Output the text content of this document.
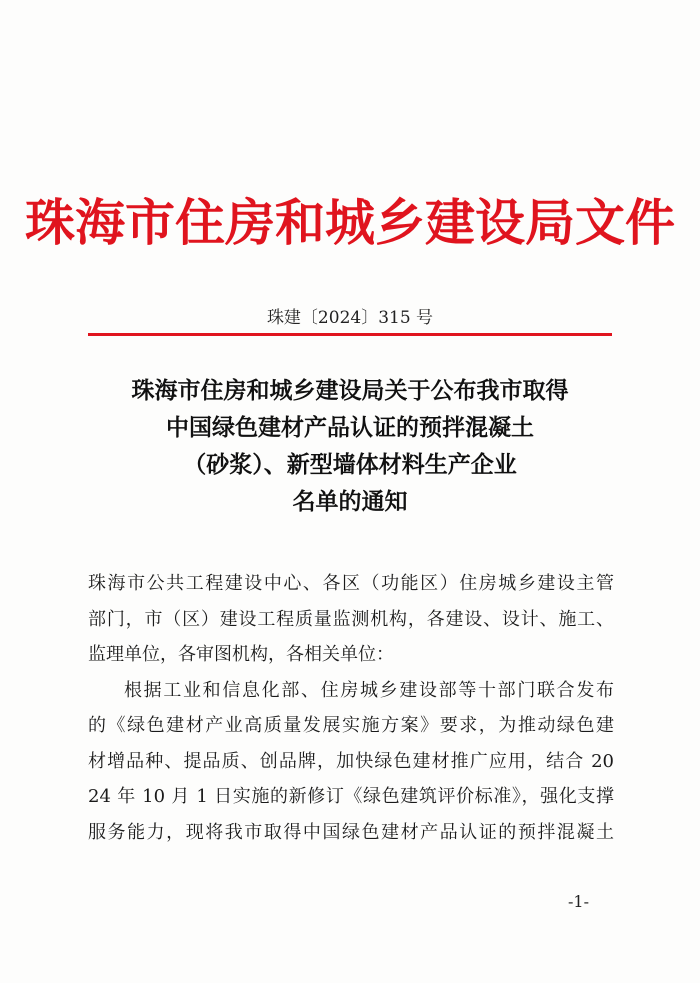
珠海市住房和城乡建设局文件
珠建〔2024〕315 号
珠海市住房和城乡建设局关于公布我市取得
中国绿色建材产品认证的预拌混凝土
（砂浆）、新型墙体材料生产企业
名单的通知
珠海市公共工程建设中心、各区（功能区）住房城乡建设主管
部门，市（区）建设工程质量监测机构，各建设、设计、施工、
监理单位，各审图机构，各相关单位：
根据工业和信息化部、住房城乡建设部等十部门联合发布
的《绿色建材产业高质量发展实施方案》要求，为推动绿色建
材增品种、提品质、创品牌，加快绿色建材推广应用，结合 20
24 年 10 月 1 日实施的新修订《绿色建筑评价标准》，强化支撑
服务能力，现将我市取得中国绿色建材产品认证的预拌混凝土
-1-
